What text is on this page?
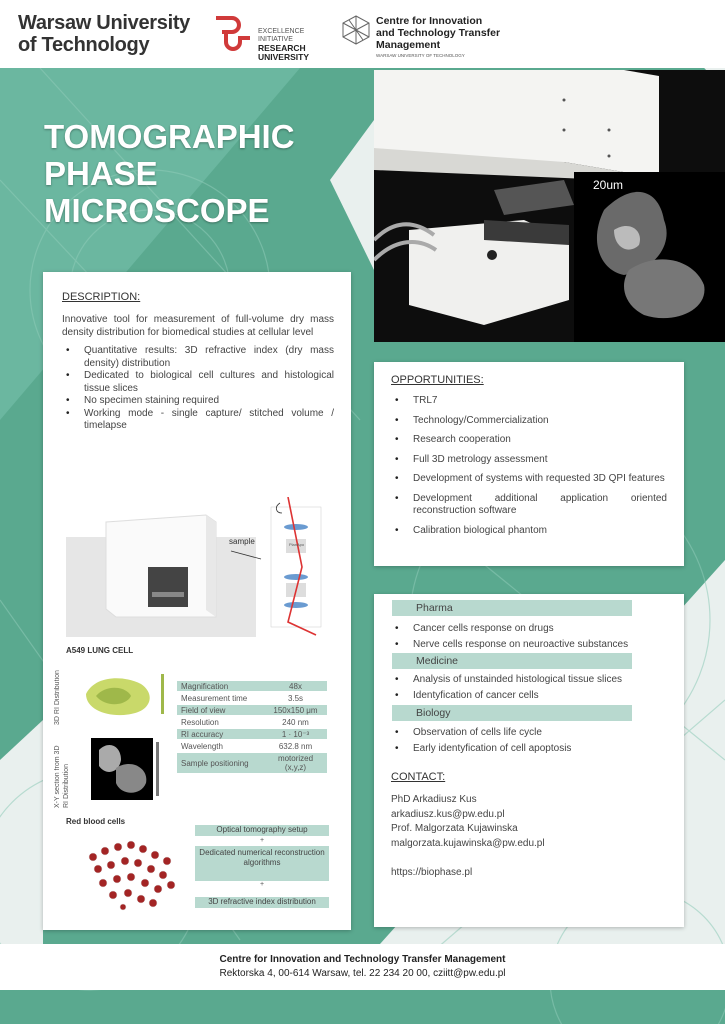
Warsaw University
of Technology
EXCELLENCE INITIATIVE
RESEARCH
UNIVERSITY
Centre for Innovation
and Technology Transfer
Management
WARSAW UNIVERSITY OF TECHNOLOGY
TOMOGRAPHIC
PHASE
MICROSCOPE
20um
DESCRIPTION:
Innovative tool for measurement of full-volume dry mass density distribution for biomedical studies at cellular level
• Quantitative results: 3D refractive index (dry mass density) distribution
• Dedicated to biological cell cultures and histological tissue slices
• No specimen staining required
• Working mode - single capture/ stitched volume / timelapse
sample	PlanApo
A549 LUNG CELL
3D RI Distribution
X-Y section from 3D RI Distribution
Magnification	48x
Measurement time	3.5s
Field of view	150x150 μm
Resolution	240 nm
RI accuracy	1 · 10⁻³
Wavelength	632.8 nm
Sample positioning	motorized (x,y,z)
Red blood cells
Optical tomography setup
+
Dedicated numerical reconstruction algorithms
+
3D refractive index distribution
OPPORTUNITIES:
• TRL7
• Technology/Commercialization
• Research cooperation
• Full 3D metrology assessment
• Development of systems with requested 3D QPI features
• Development additional application oriented reconstruction software
• Calibration biological phantom
Pharma
• Cancer cells response on drugs
• Nerve cells response on neuroactive substances
Medicine
• Analysis of unstainded histological tissue slices
• Identyfication of cancer cells
Biology
• Observation of cells life cycle
• Early identyfication of cell apoptosis
CONTACT:
PhD Arkadiusz Kus
arkadiusz.kus@pw.edu.pl
Prof. Malgorzata Kujawinska
malgorzata.kujawinska@pw.edu.pl
https://biophase.pl
Centre for Innovation and Technology Transfer Management
Rektorska 4, 00-614 Warsaw, tel. 22 234 20 00, cziitt@pw.edu.pl
